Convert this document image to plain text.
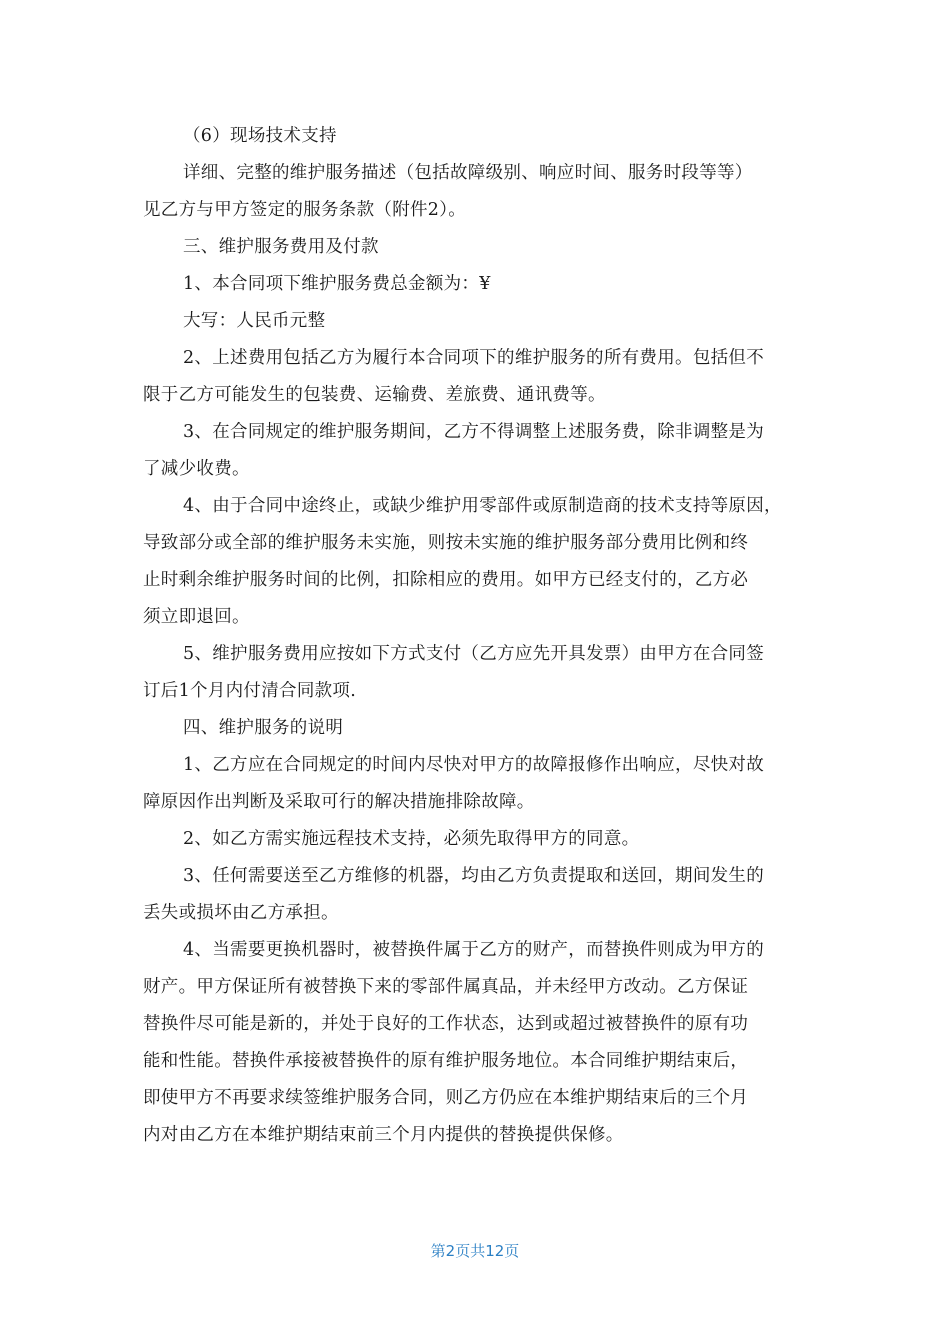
（6）现场技术支持
详细、完整的维护服务描述（包括故障级别、响应时间、服务时段等等）
见乙方与甲方签定的服务条款（附件2）。
三、维护服务费用及付款
1、本合同项下维护服务费总金额为：¥
大写：人民币元整
2、上述费用包括乙方为履行本合同项下的维护服务的所有费用。包括但不
限于乙方可能发生的包装费、运输费、差旅费、通讯费等。
3、在合同规定的维护服务期间，乙方不得调整上述服务费，除非调整是为
了减少收费。
4、由于合同中途终止，或缺少维护用零部件或原制造商的技术支持等原因，
导致部分或全部的维护服务未实施，则按未实施的维护服务部分费用比例和终
止时剩余维护服务时间的比例，扣除相应的费用。如甲方已经支付的，乙方必
须立即退回。
5、维护服务费用应按如下方式支付（乙方应先开具发票）由甲方在合同签
订后1个月内付清合同款项.
四、维护服务的说明
1、乙方应在合同规定的时间内尽快对甲方的故障报修作出响应，尽快对故
障原因作出判断及采取可行的解决措施排除故障。
2、如乙方需实施远程技术支持，必须先取得甲方的同意。
3、任何需要送至乙方维修的机器，均由乙方负责提取和送回，期间发生的
丢失或损坏由乙方承担。
4、当需要更换机器时，被替换件属于乙方的财产，而替换件则成为甲方的
财产。甲方保证所有被替换下来的零部件属真品，并未经甲方改动。乙方保证
替换件尽可能是新的，并处于良好的工作状态，达到或超过被替换件的原有功
能和性能。替换件承接被替换件的原有维护服务地位。本合同维护期结束后，
即使甲方不再要求续签维护服务合同，则乙方仍应在本维护期结束后的三个月
内对由乙方在本维护期结束前三个月内提供的替换提供保修。
第2页共12页
